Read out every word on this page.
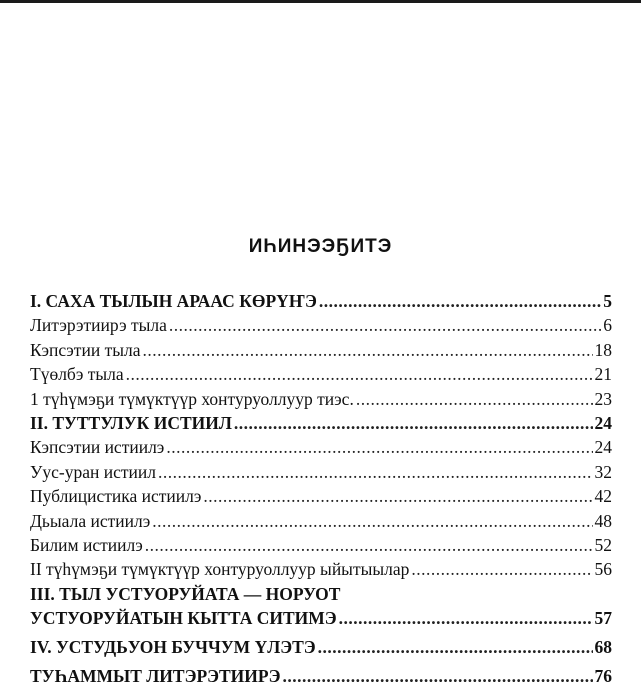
ИҺИНЭЭҔИТЭ
I. САХА ТЫЛЫН АРААС КӨРҮҤЭ .....	5
Литэрэтиирэ тыла .....	6
Кэпсэтии тыла .....	18
Түөлбэ тыла .....	21
1 түһүмэҕи түмүктүүр хонтуруоллуур тиэс. .....	23
II. ТУТТУЛУК ИСТИИЛ .....	24
Кэпсэтии истиилэ .....	24
Уус-уран истиил .....	32
Публицистика истиилэ .....	42
Дьыала истиилэ .....	48
Билим истиилэ .....	52
II түһүмэҕи түмүктүүр хонтуруоллуур ыйытыылар .....	56
III. ТЫЛ УСТУОРУЙАТА — НОРУОТ
УСТУОРУЙАТЫН КЫТТА СИТИМЭ .....	57
IV. УСТУДЬУОН БУЧЧУМ ҮЛЭТЭ .....	68
ТУҺАММЫТ ЛИТЭРЭТИИРЭ .....	76
